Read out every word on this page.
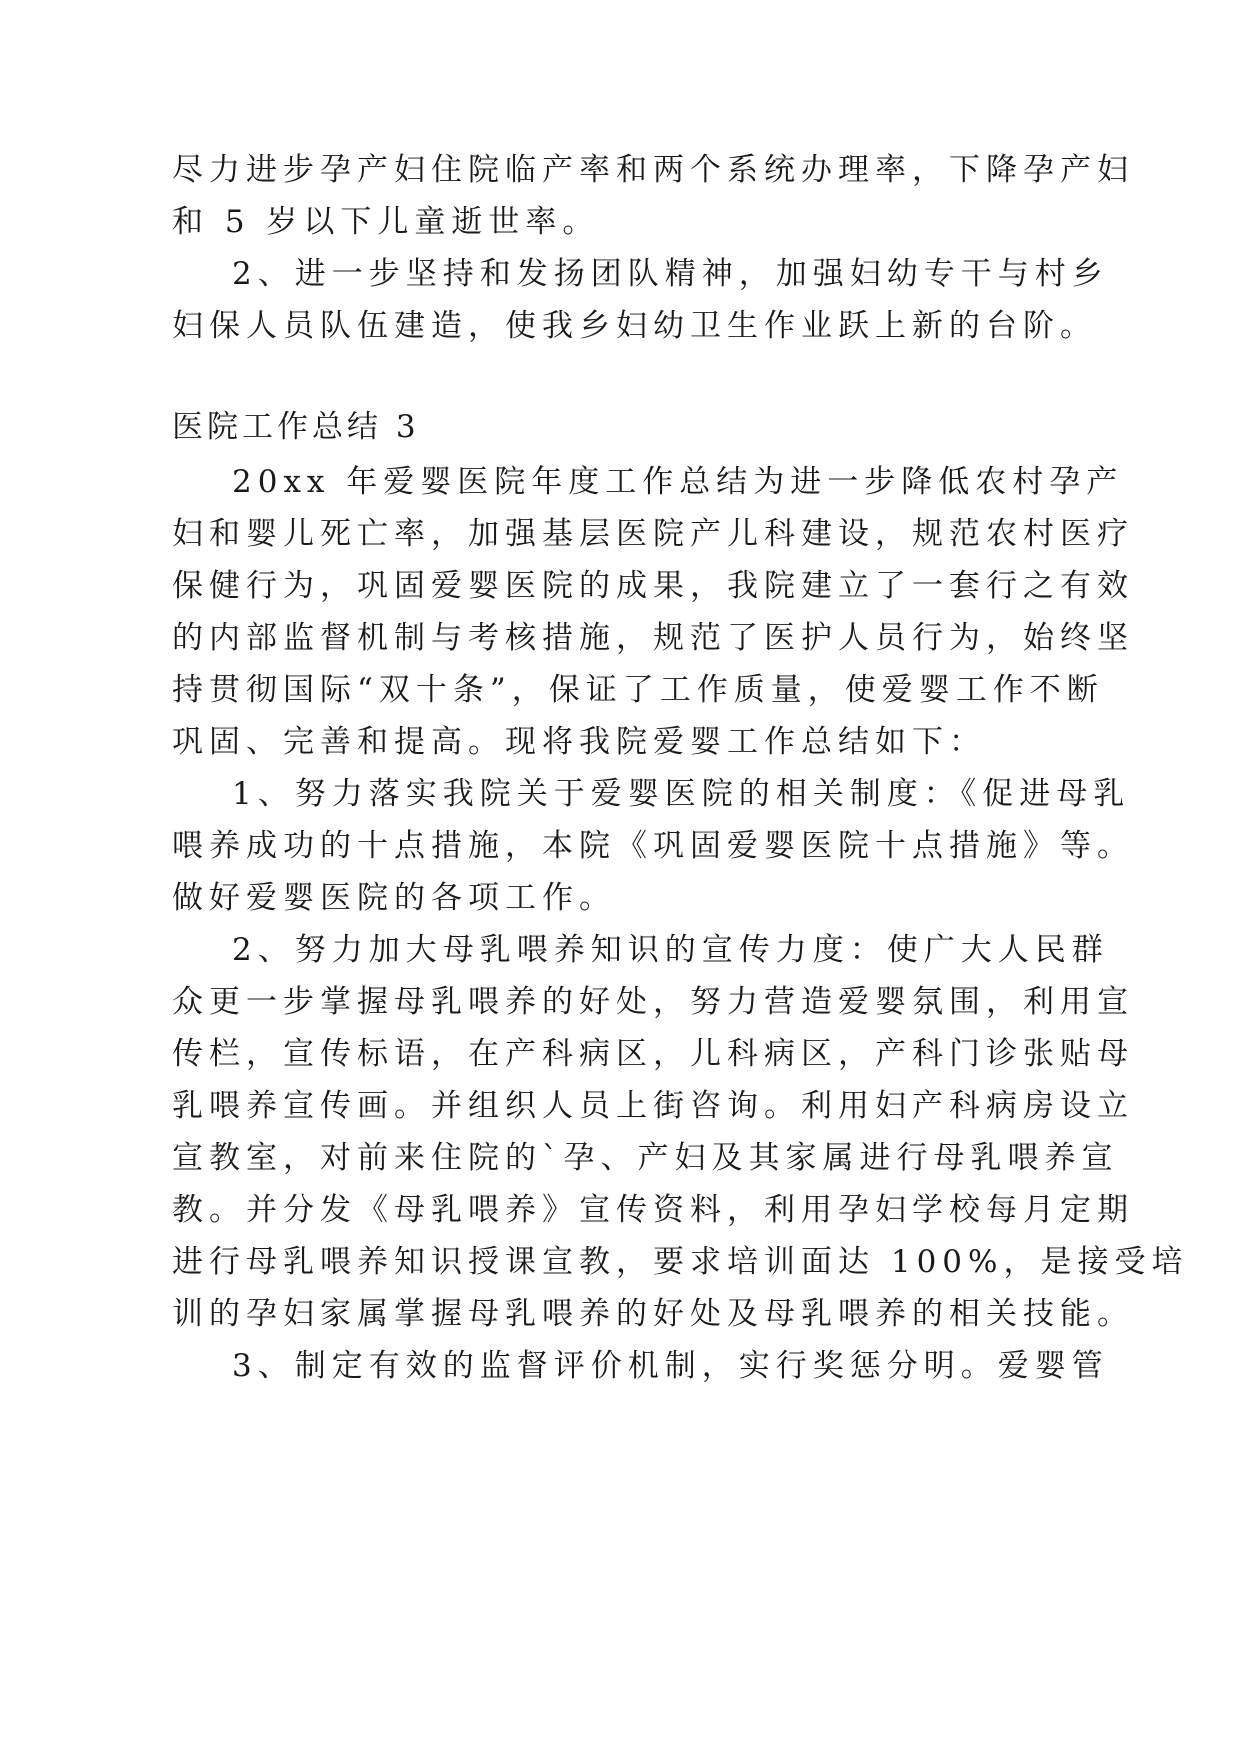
尽力进步孕产妇住院临产率和两个系统办理率，下降孕产妇
和 5 岁以下儿童逝世率。
2、进一步坚持和发扬团队精神，加强妇幼专干与村乡
妇保人员队伍建造，使我乡妇幼卫生作业跃上新的台阶。
医院工作总结 3
20xx 年爱婴医院年度工作总结为进一步降低农村孕产
妇和婴儿死亡率，加强基层医院产儿科建设，规范农村医疗
保健行为，巩固爱婴医院的成果，我院建立了一套行之有效
的内部监督机制与考核措施，规范了医护人员行为，始终坚
持贯彻国际“双十条”，保证了工作质量，使爱婴工作不断
巩固、完善和提高。现将我院爱婴工作总结如下：
1、努力落实我院关于爱婴医院的相关制度：《促进母乳
喂养成功的十点措施，本院《巩固爱婴医院十点措施》等。
做好爱婴医院的各项工作。
2、努力加大母乳喂养知识的宣传力度：使广大人民群
众更一步掌握母乳喂养的好处，努力营造爱婴氛围，利用宣
传栏，宣传标语，在产科病区，儿科病区，产科门诊张贴母
乳喂养宣传画。并组织人员上街咨询。利用妇产科病房设立
宣教室，对前来住院的`孕、产妇及其家属进行母乳喂养宣
教。并分发《母乳喂养》宣传资料，利用孕妇学校每月定期
进行母乳喂养知识授课宣教，要求培训面达 100%，是接受培
训的孕妇家属掌握母乳喂养的好处及母乳喂养的相关技能。
3、制定有效的监督评价机制，实行奖惩分明。爱婴管
